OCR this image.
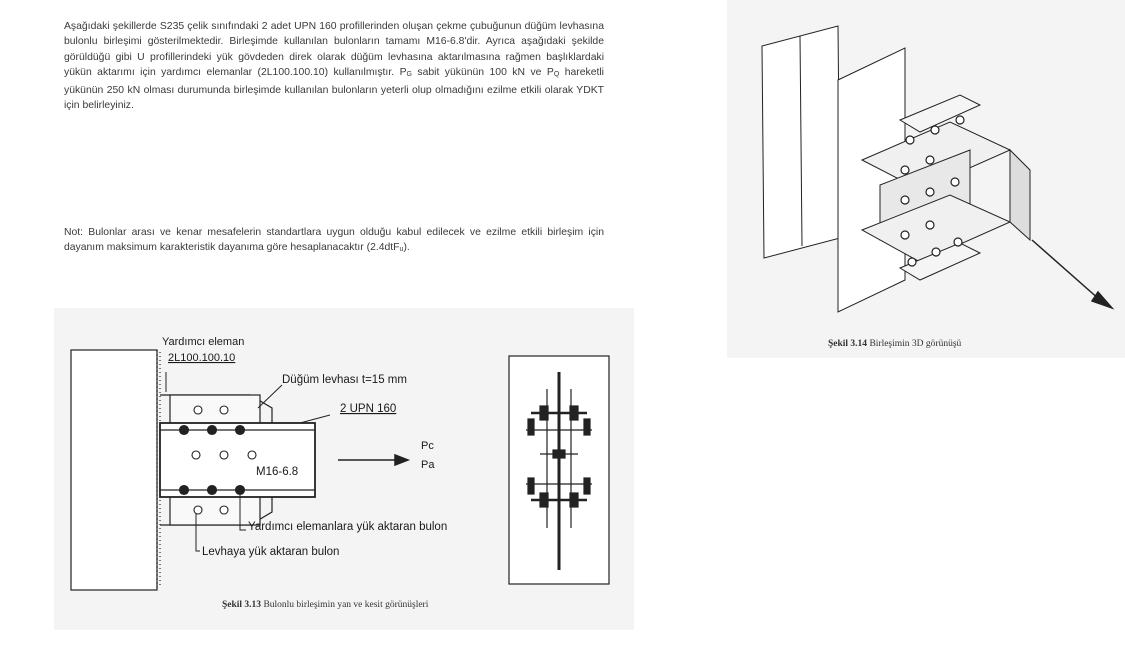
Aşağıdaki şekillerde S235 çelik sınıfındaki 2 adet UPN 160 profillerinden oluşan çekme çubuğunun düğüm levhasına bulonlu birleşimi gösterilmektedir. Birleşimde kullanılan bulonların tamamı M16-6.8'dir. Ayrıca aşağıdaki şekilde görüldüğü gibi U profillerindeki yük gövdeden direk olarak düğüm levhasına aktarılmasına rağmen başlıklardaki yükün aktarımı için yardımcı elemanlar (2L100.100.10) kullanılmıştır. PG sabit yükünün 100 kN ve PQ hareketli yükünün 250 kN olması durumunda birleşimde kullanılan bulonların yeterli olup olmadığını ezilme etkili olarak YDKT için belirleyiniz.
Not: Bulonlar arası ve kenar mesafelerin standartlara uygun olduğu kabul edilecek ve ezilme etkili birleşim için dayanım maksimum karakteristik dayanıma göre hesaplanacaktır (2.4dtFu).
Yardımcı eleman
2L100.100.10
Düğüm levhası t=15 mm
2 UPN 160
M16-6.8
Pc
Pa
Yardımcı elemanlara yük aktaran bulon
Levhaya yük aktaran bulon
Şekil 3.13 Bulonlu birleşimin yan ve kesit görünüşleri
Şekil 3.14 Birleşimin 3D görünüşü
